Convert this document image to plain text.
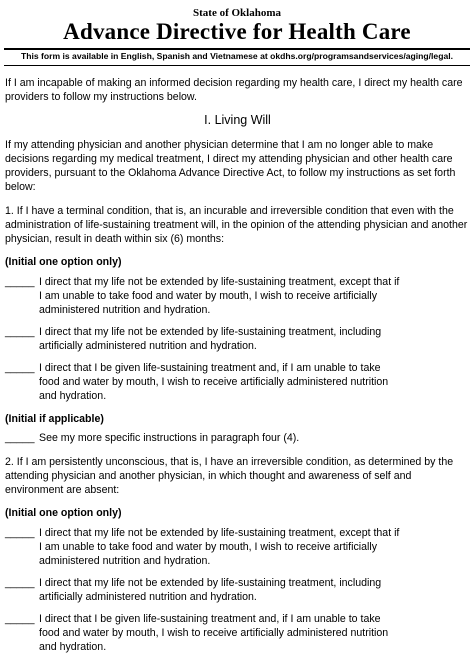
State of Oklahoma
Advance Directive for Health Care
This form is available in English, Spanish and Vietnamese at okdhs.org/programsandservices/aging/legal.

If I am incapable of making an informed decision regarding my health care, I direct my health care providers to follow my instructions below.

I. Living Will

If my attending physician and another physician determine that I am no longer able to make decisions regarding my medical treatment, I direct my attending physician and other health care providers, pursuant to the Oklahoma Advance Directive Act, to follow my instructions as set forth below:

1. If I have a terminal condition, that is, an incurable and irreversible condition that even with the administration of life-sustaining treatment will, in the opinion of the attending physician and another physician, result in death within six (6) months:

(Initial one option only)
_____ I direct that my life not be extended by life-sustaining treatment, except that if I am unable to take food and water by mouth, I wish to receive artificially administered nutrition and hydration.
_____ I direct that my life not be extended by life-sustaining treatment, including artificially administered nutrition and hydration.
_____ I direct that I be given life-sustaining treatment and, if I am unable to take food and water by mouth, I wish to receive artificially administered nutrition and hydration.
(Initial if applicable)
_____ See my more specific instructions in paragraph four (4).

2. If I am persistently unconscious, that is, I have an irreversible condition, as determined by the attending physician and another physician, in which thought and awareness of self and environment are absent:

(Initial one option only)
_____ I direct that my life not be extended by life-sustaining treatment, except that if I am unable to take food and water by mouth, I wish to receive artificially administered nutrition and hydration.
_____ I direct that my life not be extended by life-sustaining treatment, including artificially administered nutrition and hydration.
_____ I direct that I be given life-sustaining treatment and, if I am unable to take food and water by mouth, I wish to receive artificially administered nutrition and hydration.
